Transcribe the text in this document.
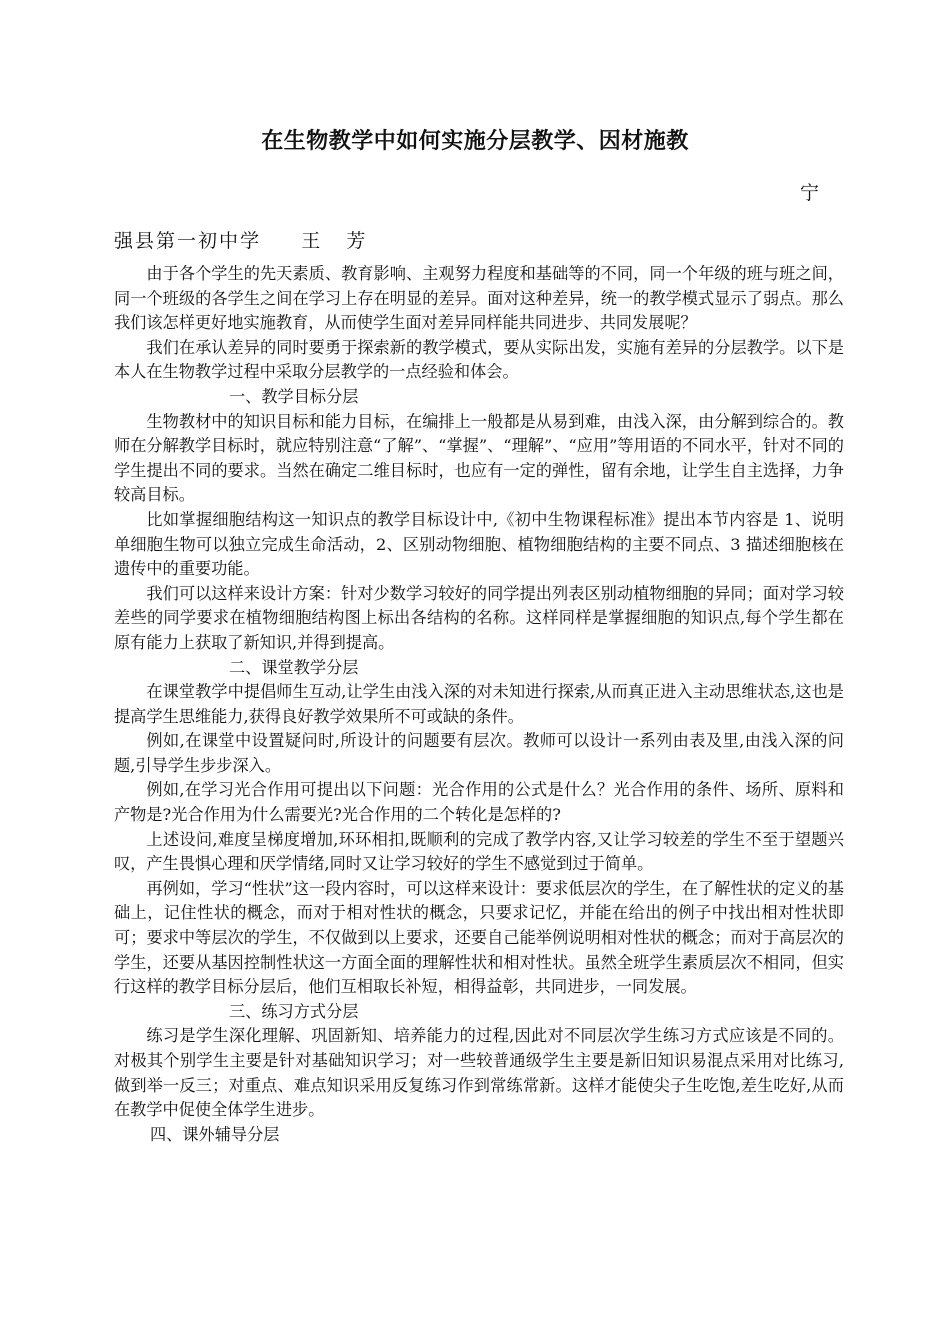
在生物教学中如何实施分层教学、因材施教

宁

强县第一初中学     王   芳

由于各个学生的先天素质、教育影响、主观努力程度和基础等的不同，同一个年级的班与班之间，同一个班级的各学生之间在学习上存在明显的差异。面对这种差异，统一的教学模式显示了弱点。那么我们该怎样更好地实施教育，从而使学生面对差异同样能共同进步、共同发展呢？

我们在承认差异的同时要勇于探索新的教学模式，要从实际出发，实施有差异的分层教学。以下是本人在生物教学过程中采取分层教学的一点经验和体会。

一、教学目标分层

生物教材中的知识目标和能力目标，在编排上一般都是从易到难，由浅入深，由分解到综合的。教师在分解教学目标时，就应特别注意“了解”、“掌握”、“理解”、“应用”等用语的不同水平，针对不同的学生提出不同的要求。当然在确定二维目标时，也应有一定的弹性，留有余地，让学生自主选择，力争较高目标。

比如掌握细胞结构这一知识点的教学目标设计中,《初中生物课程标准》提出本节内容是 1、说明单细胞生物可以独立完成生命活动，2、区别动物细胞、植物细胞结构的主要不同点、3 描述细胞核在遗传中的重要功能。

我们可以这样来设计方案：针对少数学习较好的同学提出列表区别动植物细胞的异同；面对学习较差些的同学要求在植物细胞结构图上标出各结构的名称。这样同样是掌握细胞的知识点,每个学生都在原有能力上获取了新知识,并得到提高。

二、课堂教学分层

在课堂教学中提倡师生互动,让学生由浅入深的对未知进行探索,从而真正进入主动思维状态,这也是提高学生思维能力,获得良好教学效果所不可或缺的条件。

例如,在课堂中设置疑问时,所设计的问题要有层次。教师可以设计一系列由表及里,由浅入深的问题,引导学生步步深入。

例如,在学习光合作用可提出以下问题：光合作用的公式是什么？光合作用的条件、场所、原料和产物是?光合作用为什么需要光?光合作用的二个转化是怎样的?

上述设问,难度呈梯度增加,环环相扣,既顺利的完成了教学内容,又让学习较差的学生不至于望题兴叹，产生畏惧心理和厌学情绪,同时又让学习较好的学生不感觉到过于简单。

再例如，学习“性状”这一段内容时，可以这样来设计：要求低层次的学生，在了解性状的定义的基础上，记住性状的概念，而对于相对性状的概念，只要求记忆，并能在给出的例子中找出相对性状即可；要求中等层次的学生，不仅做到以上要求，还要自己能举例说明相对性状的概念；而对于高层次的学生，还要从基因控制性状这一方面全面的理解性状和相对性状。虽然全班学生素质层次不相同，但实行这样的教学目标分层后，他们互相取长补短，相得益彰，共同进步，一同发展。

三、练习方式分层

练习是学生深化理解、巩固新知、培养能力的过程,因此对不同层次学生练习方式应该是不同的。对极其个别学生主要是针对基础知识学习；对一些较普通级学生主要是新旧知识易混点采用对比练习,做到举一反三；对重点、难点知识采用反复练习作到常练常新。这样才能使尖子生吃饱,差生吃好,从而在教学中促使全体学生进步。

四、课外辅导分层
